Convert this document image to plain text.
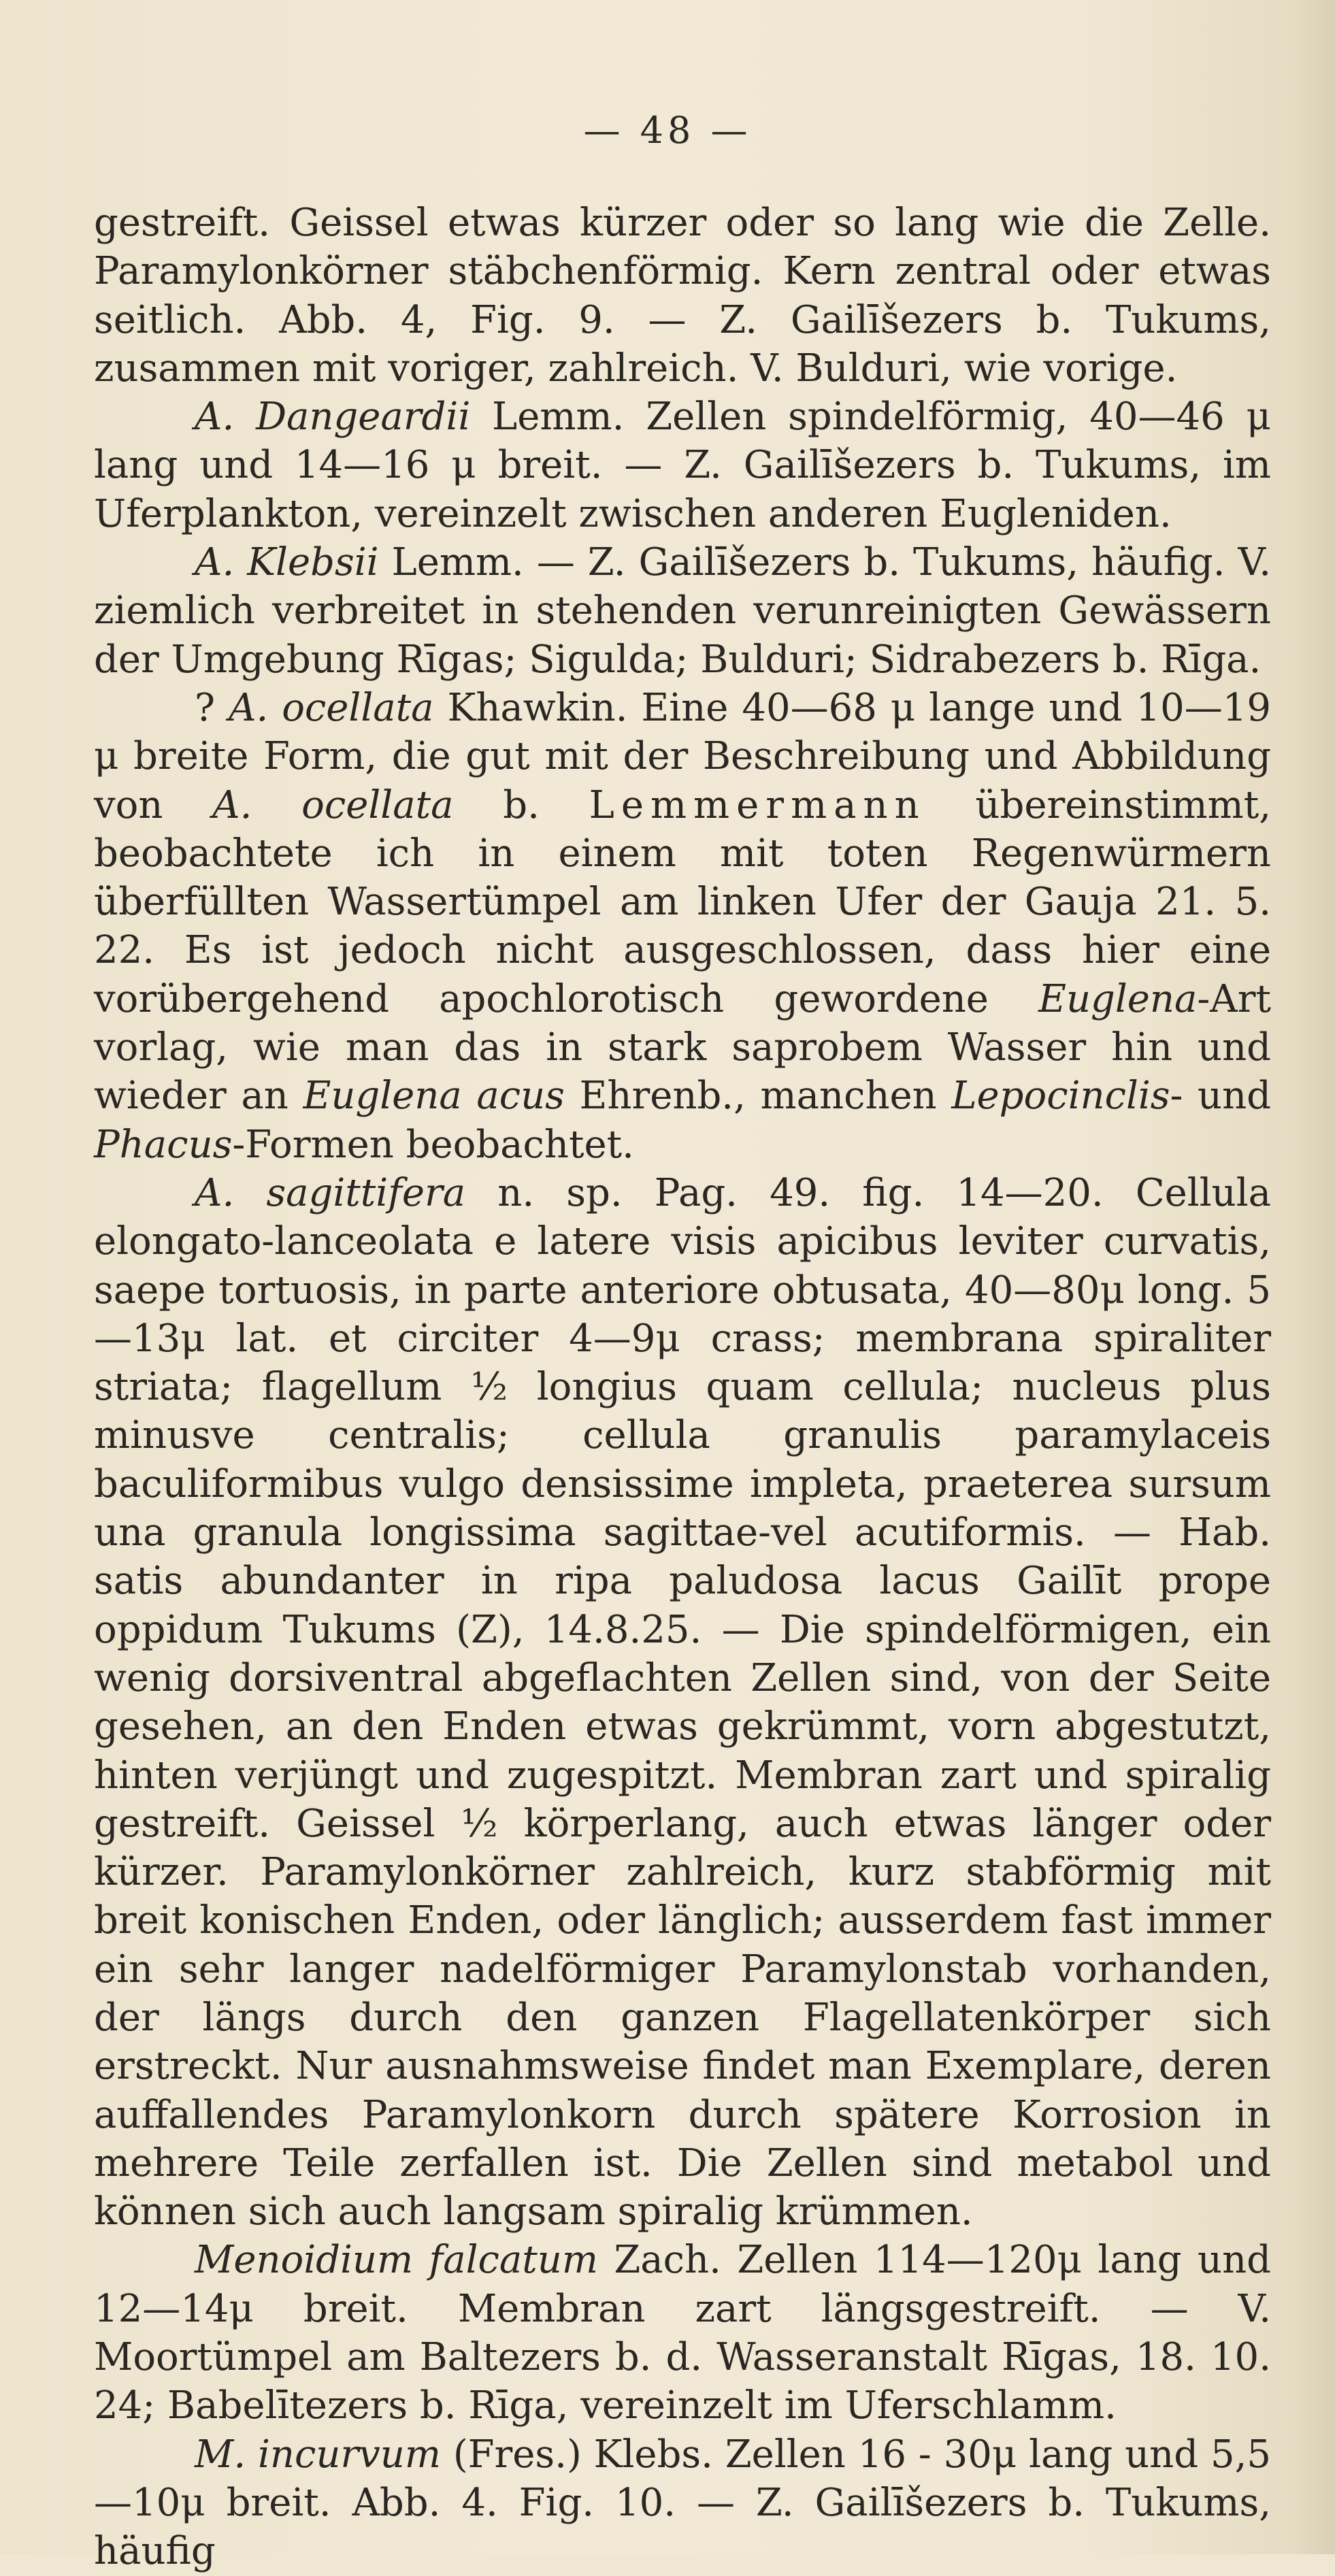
— 48 —

gestreift. Geissel etwas kürzer oder so lang wie die Zelle. Paramylonkörner stäbchenförmig. Kern zentral oder etwas seitlich. Abb. 4, Fig. 9. — Z. Gailīšezers b. Tukums, zusammen mit voriger, zahlreich. V. Bulduri, wie vorige.

A. Dangeardii Lemm. Zellen spindelförmig, 40—46 μ lang und 14—16 μ breit. — Z. Gailīšezers b. Tukums, im Uferplankton, vereinzelt zwischen anderen Eugleniden.

A. Klebsii Lemm. — Z. Gailīšezers b. Tukums, häufig. V. ziemlich verbreitet in stehenden verunreinigten Gewässern der Umgebung Rīgas; Sigulda; Bulduri; Sidrabezers b. Rīga.

? A. ocellata Khawkin. Eine 40—68 μ lange und 10—19 μ breite Form, die gut mit der Beschreibung und Abbildung von A. ocellata b. Lemmermann übereinstimmt, beobachtete ich in einem mit toten Regenwürmern überfüllten Wassertümpel am linken Ufer der Gauja 21. 5. 22. Es ist jedoch nicht ausgeschlossen, dass hier eine vorübergehend apochlorotisch gewordene Euglena-Art vorlag, wie man das in stark saprobem Wasser hin und wieder an Euglena acus Ehrenb., manchen Lepocinclis- und Phacus-Formen beobachtet.

A. sagittifera n. sp. Pag. 49. fig. 14—20. Cellula elongato-lanceolata e latere visis apicibus leviter curvatis, saepe tortuosis, in parte anteriore obtusata, 40—80μ long. 5—13μ lat. et circiter 4—9μ crass; membrana spiraliter striata; flagellum ½ longius quam cellula; nucleus plus minusve centralis; cellula granulis paramylaceis baculiformibus vulgo densissime impleta, praeterea sursum una granula longissima sagittae-vel acutiformis. — Hab. satis abundanter in ripa paludosa lacus Gailīt prope oppidum Tukums (Z), 14.8.25. — Die spindelförmigen, ein wenig dorsiventral abgeflachten Zellen sind, von der Seite gesehen, an den Enden etwas gekrümmt, vorn abgestutzt, hinten verjüngt und zugespitzt. Membran zart und spiralig gestreift. Geissel ½ körperlang, auch etwas länger oder kürzer. Paramylonkörner zahlreich, kurz stabförmig mit breit konischen Enden, oder länglich; ausserdem fast immer ein sehr langer nadelförmiger Paramylonstab vorhanden, der längs durch den ganzen Flagellatenkörper sich erstreckt. Nur ausnahmsweise findet man Exemplare, deren auffallendes Paramylonkorn durch spätere Korrosion in mehrere Teile zerfallen ist. Die Zellen sind metabol und können sich auch langsam spiralig krümmen.

Menoidium falcatum Zach. Zellen 114—120μ lang und 12—14μ breit. Membran zart längsgestreift. — V. Moortümpel am Baltezers b. d. Wasseranstalt Rīgas, 18. 10. 24; Babelītezers b. Rīga, vereinzelt im Uferschlamm.

M. incurvum (Fres.) Klebs. Zellen 16 - 30μ lang und 5,5—10μ breit. Abb. 4. Fig. 10. — Z. Gailīšezers b. Tukums, häufig
